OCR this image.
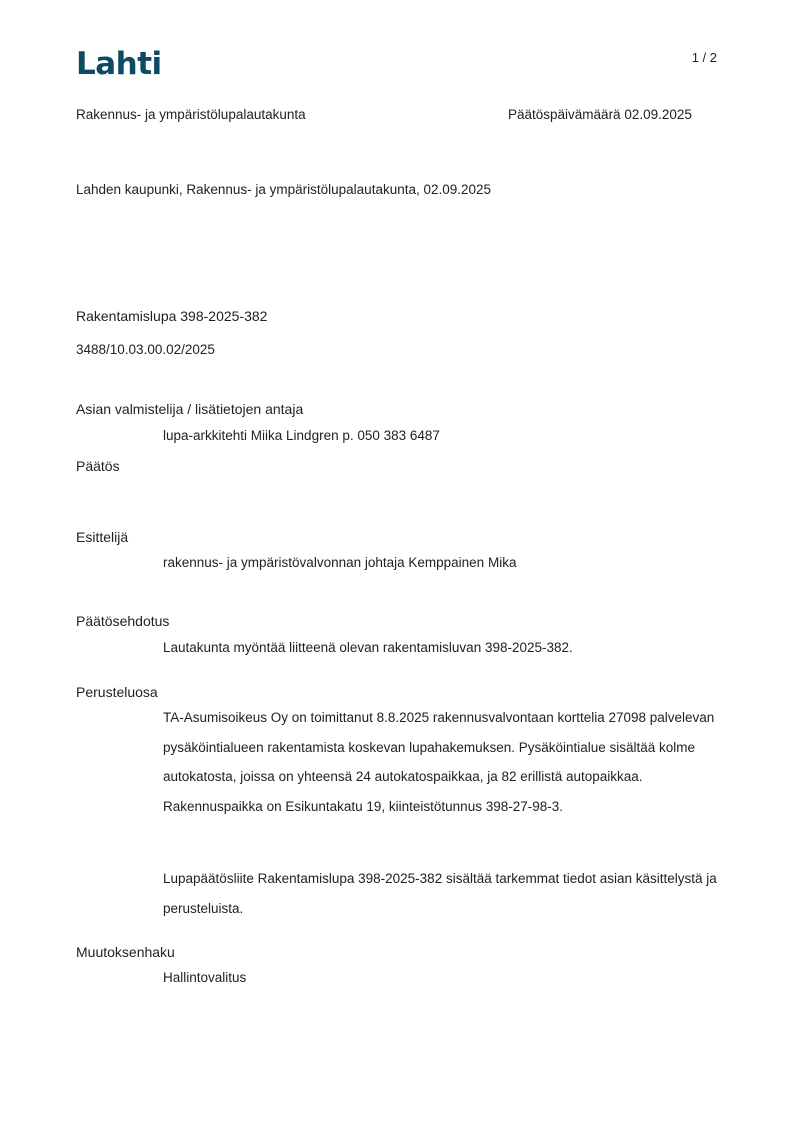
Lahti	1 / 2
Rakennus- ja ympäristölupalautakunta	Päätöspäivämäärä 02.09.2025
Lahden kaupunki, Rakennus- ja ympäristölupalautakunta, 02.09.2025
Rakentamislupa 398-2025-382
3488/10.03.00.02/2025
Asian valmistelija / lisätietojen antaja
lupa-arkkitehti Miika Lindgren p. 050 383 6487
Päätös
Esittelijä
rakennus- ja ympäristövalvonnan johtaja Kemppainen Mika
Päätösehdotus
Lautakunta myöntää liitteenä olevan rakentamisluvan 398-2025-382.
Perusteluosa
TA-Asumisoikeus Oy on toimittanut 8.8.2025 rakennusvalvontaan korttelia 27098 palvelevan pysäköintialueen rakentamista koskevan lupahakemuksen. Pysäköintialue sisältää kolme autokatosta, joissa on yhteensä 24 autokatospaikkaa, ja 82 erillistä autopaikkaa. Rakennuspaikka on Esikuntakatu 19, kiinteistötunnus 398-27-98-3.
Lupapäätösliite Rakentamislupa 398-2025-382 sisältää tarkemmat tiedot asian käsittelystä ja perusteluista.
Muutoksenhaku
Hallintovalitus
